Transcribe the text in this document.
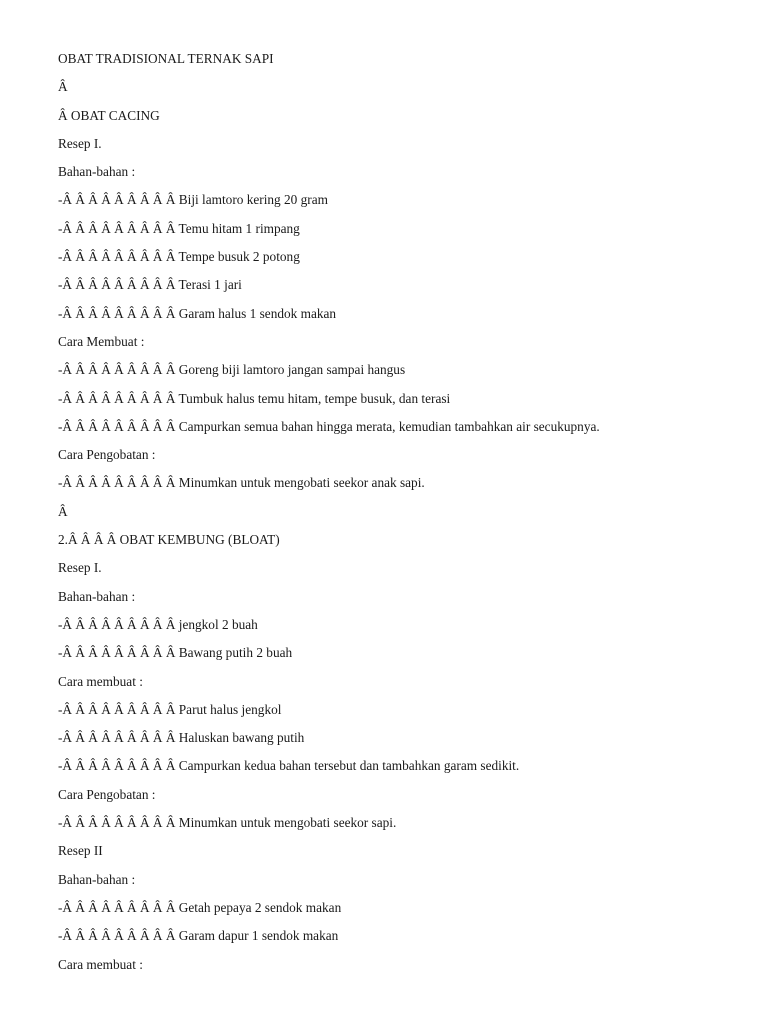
OBAT TRADISIONAL TERNAK SAPI
Â
Â OBAT CACING
Resep I.
Bahan-bahan :
-Â Â Â Â Â Â Â Â Â Biji lamtoro kering 20 gram
-Â Â Â Â Â Â Â Â Â Temu hitam 1 rimpang
-Â Â Â Â Â Â Â Â Â Tempe busuk 2 potong
-Â Â Â Â Â Â Â Â Â Terasi 1 jari
-Â Â Â Â Â Â Â Â Â Garam halus 1 sendok makan
Cara Membuat :
-Â Â Â Â Â Â Â Â Â Goreng biji lamtoro jangan sampai hangus
-Â Â Â Â Â Â Â Â Â Tumbuk halus temu hitam, tempe busuk, dan terasi
-Â Â Â Â Â Â Â Â Â Campurkan semua bahan hingga merata, kemudian tambahkan air secukupnya.
Cara Pengobatan :
-Â Â Â Â Â Â Â Â Â Minumkan untuk mengobati seekor anak sapi.
Â
2.Â Â Â Â OBAT KEMBUNG (BLOAT)
Resep I.
Bahan-bahan :
-Â Â Â Â Â Â Â Â Â jengkol 2 buah
-Â Â Â Â Â Â Â Â Â Bawang putih 2 buah
Cara membuat :
-Â Â Â Â Â Â Â Â Â Parut halus jengkol
-Â Â Â Â Â Â Â Â Â Haluskan bawang putih
-Â Â Â Â Â Â Â Â Â Campurkan kedua bahan tersebut dan tambahkan garam sedikit.
Cara Pengobatan :
-Â Â Â Â Â Â Â Â Â Minumkan untuk mengobati seekor sapi.
Resep II
Bahan-bahan :
-Â Â Â Â Â Â Â Â Â Getah pepaya 2 sendok makan
-Â Â Â Â Â Â Â Â Â Garam dapur 1 sendok makan
Cara membuat :
